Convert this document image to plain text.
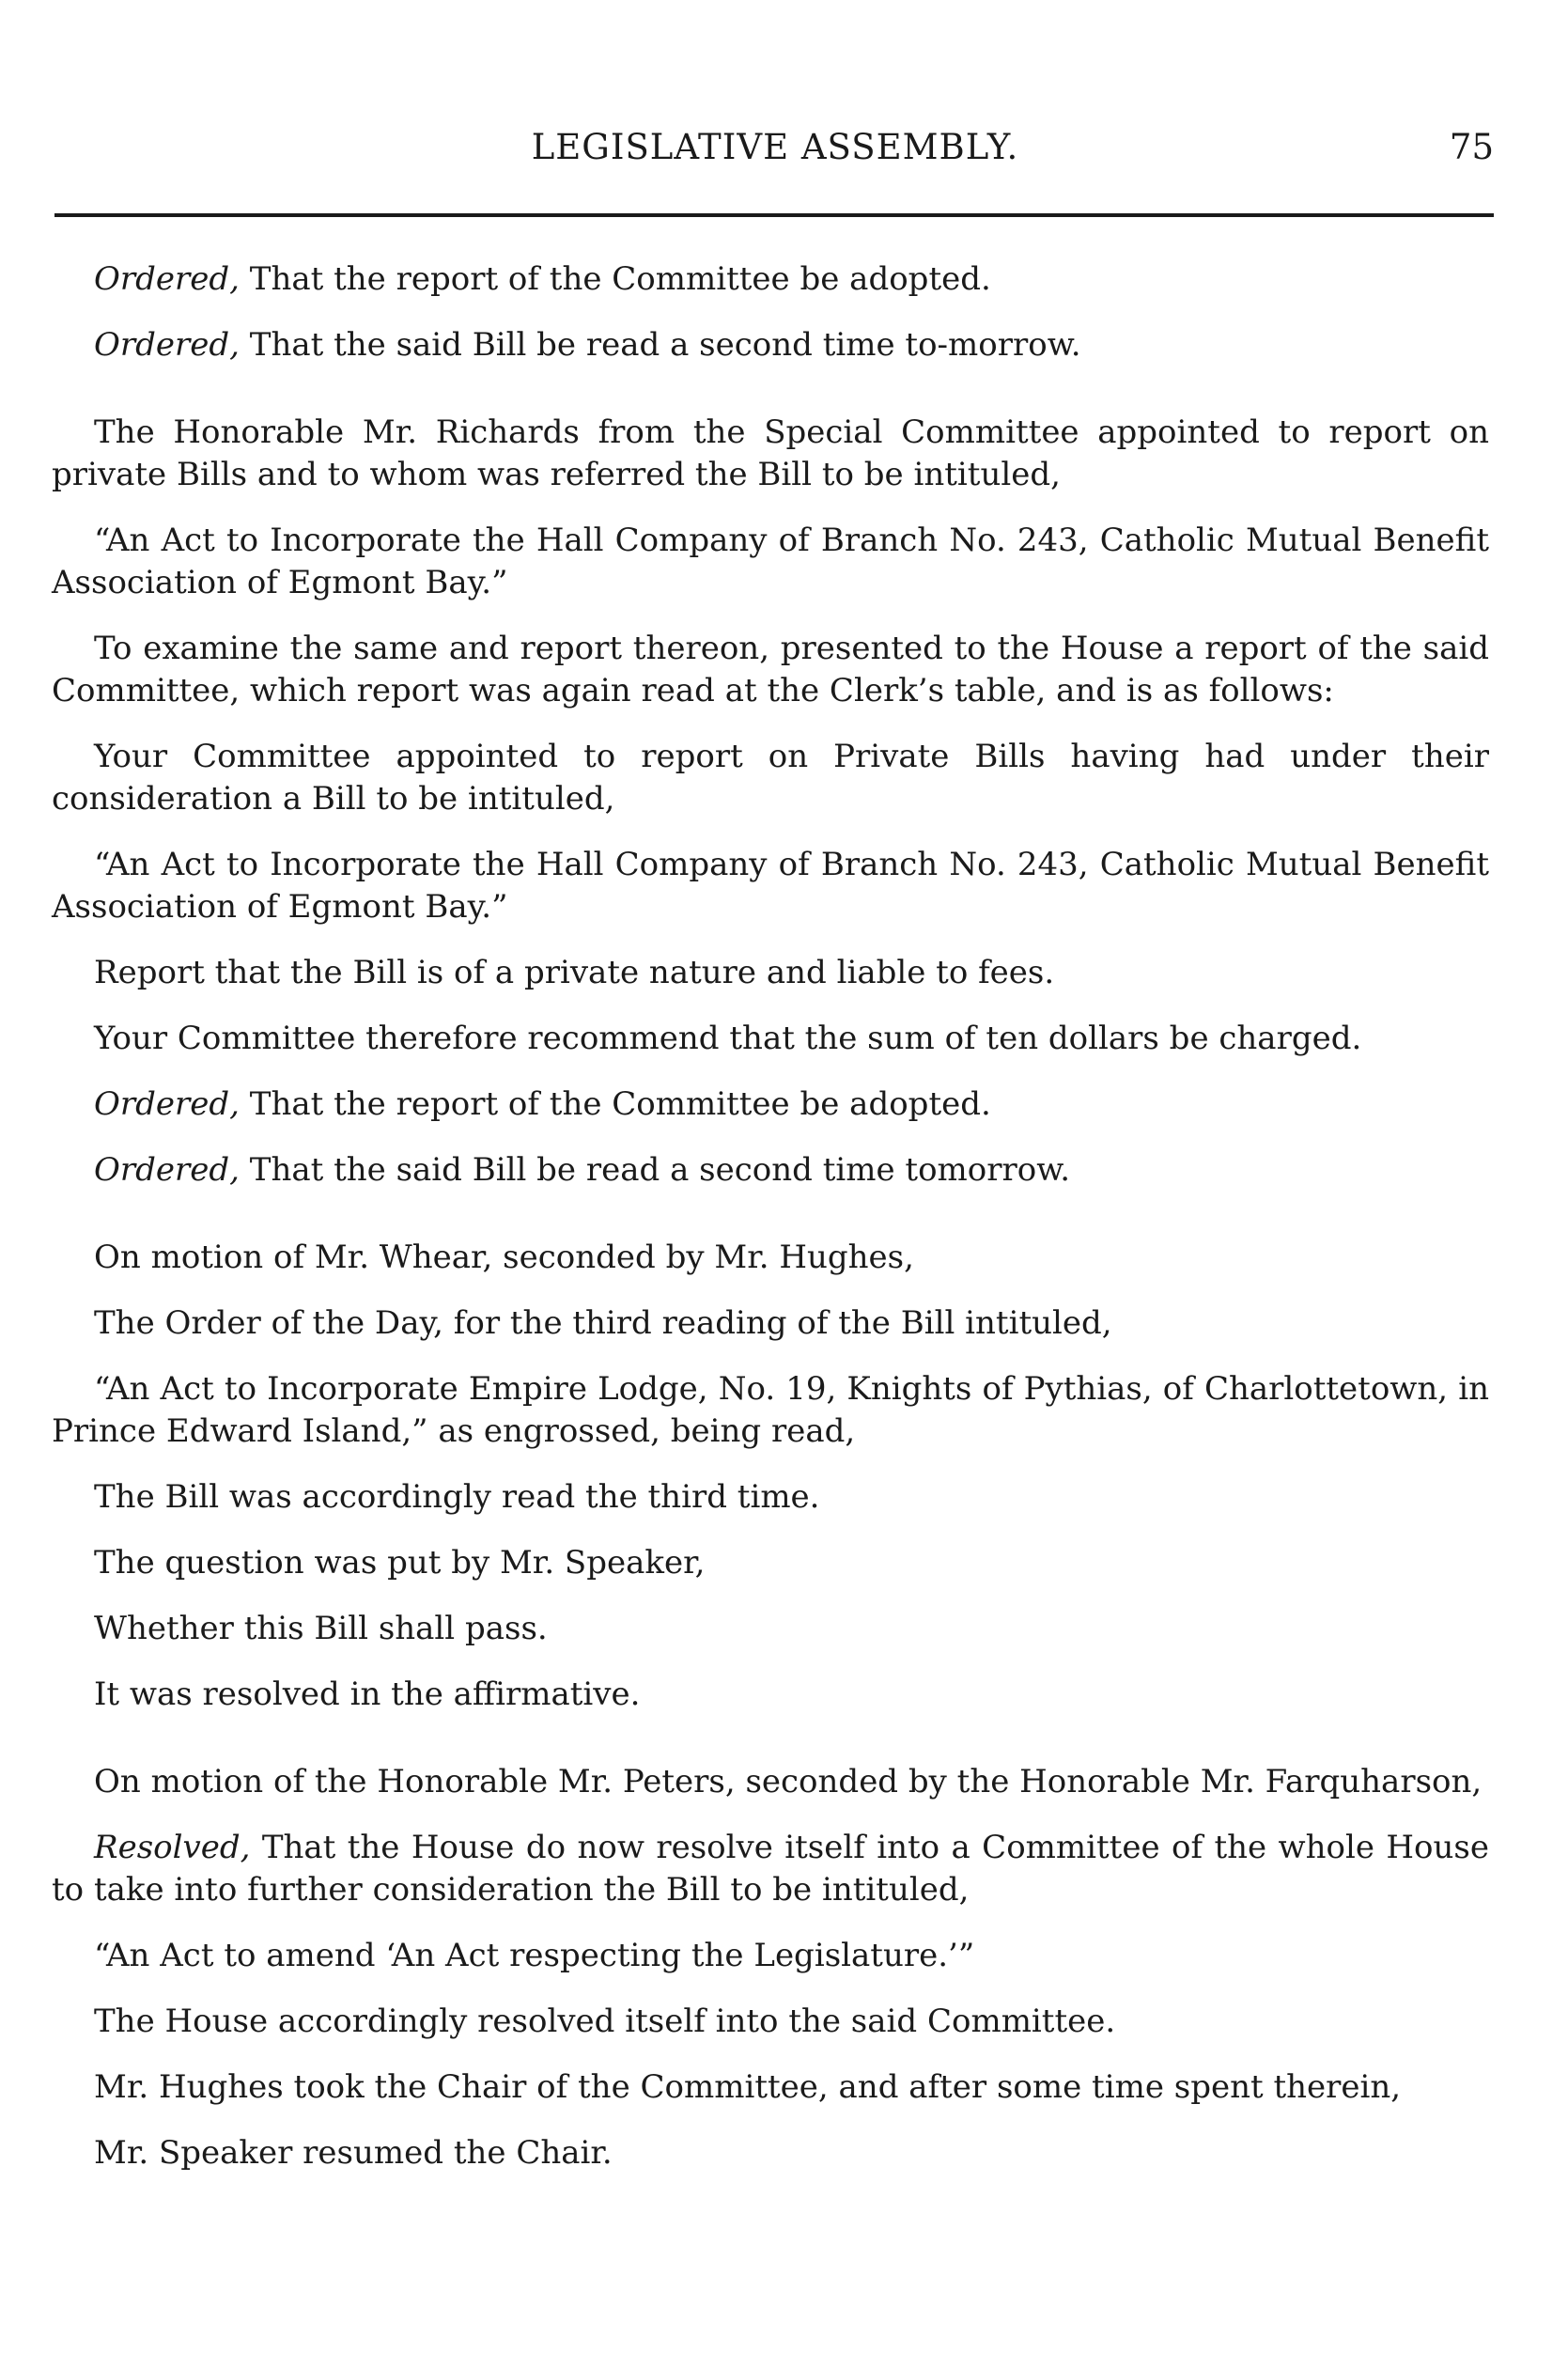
LEGISLATIVE ASSEMBLY.	75

Ordered, That the report of the Committee be adopted.

Ordered, That the said Bill be read a second time to-morrow.

The Honorable Mr. Richards from the Special Committee appointed to report on private Bills and to whom was referred the Bill to be intituled,

“An Act to Incorporate the Hall Company of Branch No. 243, Catholic Mutual Benefit Association of Egmont Bay.”

To examine the same and report thereon, presented to the House a report of the said Committee, which report was again read at the Clerk’s table, and is as follows:

Your Committee appointed to report on Private Bills having had under their consideration a Bill to be intituled,

“An Act to Incorporate the Hall Company of Branch No. 243, Catholic Mutual Benefit Association of Egmont Bay.”

Report that the Bill is of a private nature and liable to fees.

Your Committee therefore recommend that the sum of ten dollars be charged.

Ordered, That the report of the Committee be adopted.

Ordered, That the said Bill be read a second time tomorrow.

On motion of Mr. Whear, seconded by Mr. Hughes,

The Order of the Day, for the third reading of the Bill intituled,

“An Act to Incorporate Empire Lodge, No. 19, Knights of Pythias, of Charlottetown, in Prince Edward Island,” as engrossed, being read,

The Bill was accordingly read the third time.

The question was put by Mr. Speaker,

Whether this Bill shall pass.

It was resolved in the affirmative.

On motion of the Honorable Mr. Peters, seconded by the Honorable Mr. Farquharson,

Resolved, That the House do now resolve itself into a Committee of the whole House to take into further consideration the Bill to be intituled,

“An Act to amend ‘An Act respecting the Legislature.’”

The House accordingly resolved itself into the said Committee.

Mr. Hughes took the Chair of the Committee, and after some time spent therein,

Mr. Speaker resumed the Chair.
